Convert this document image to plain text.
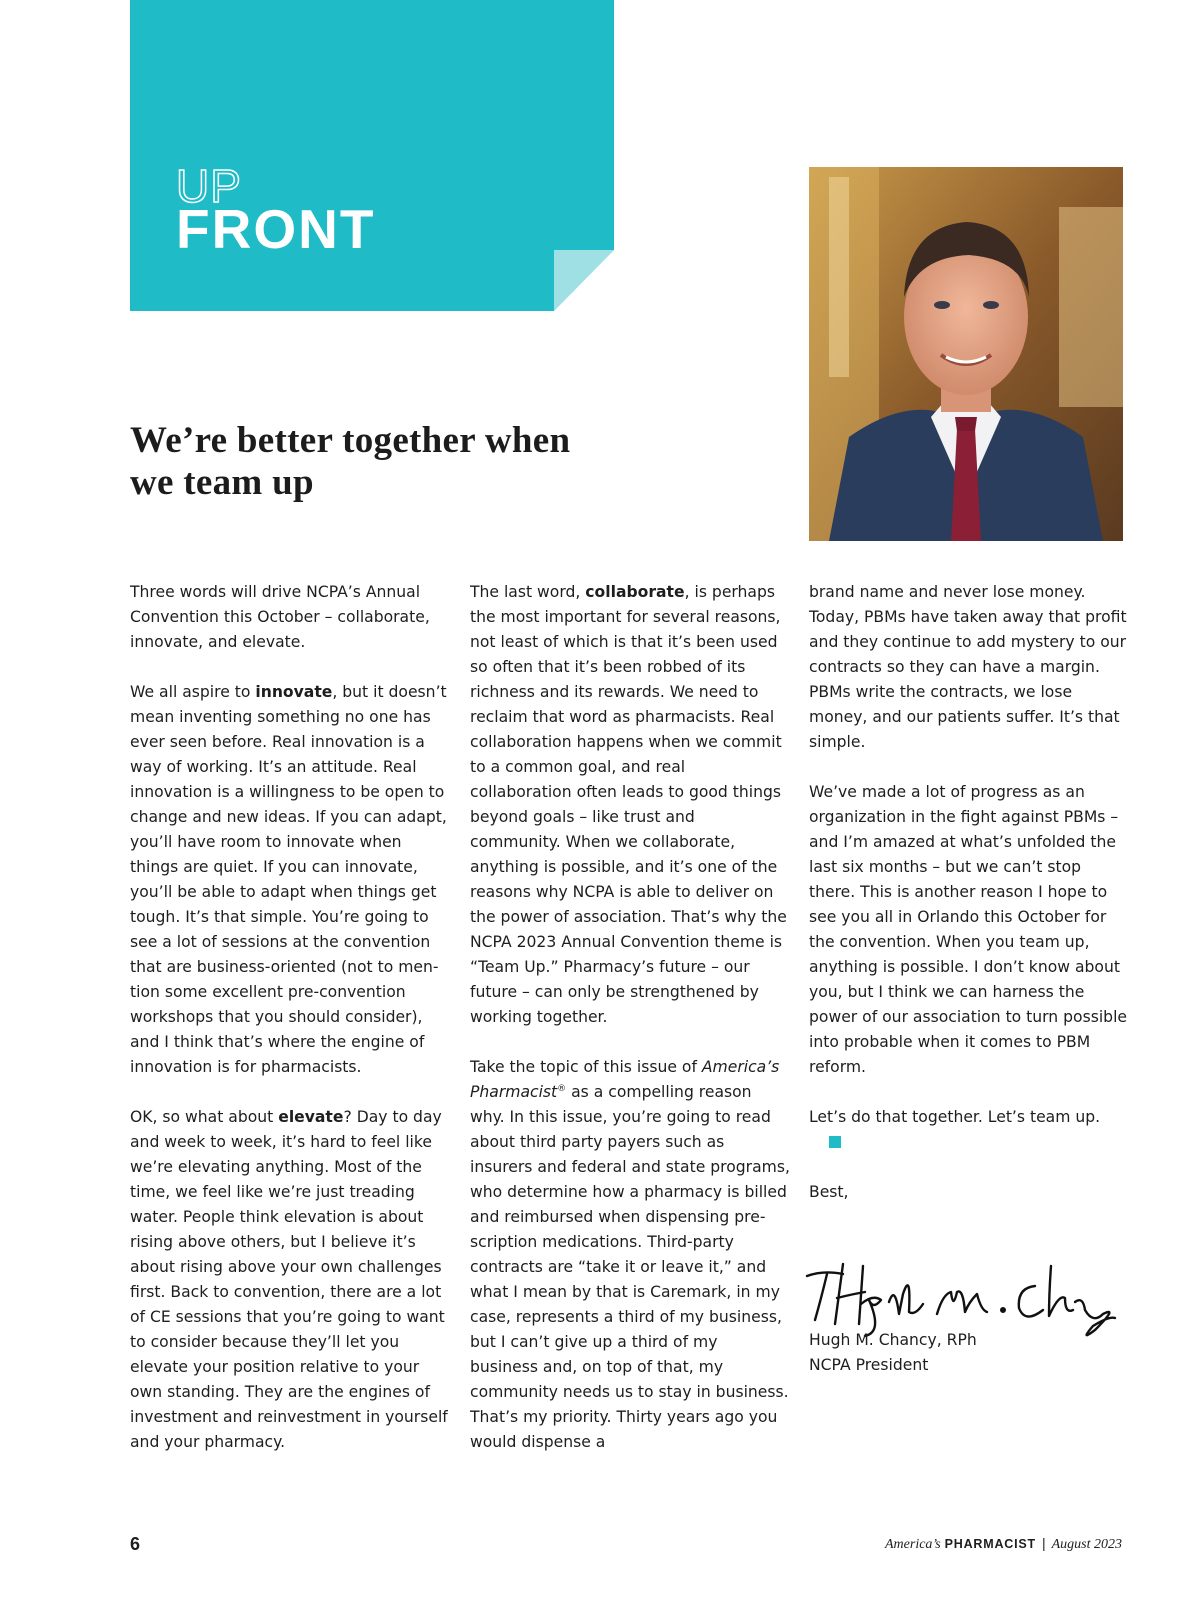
UP
FRONT
We’re better together when we team up

Three words will drive NCPA’s Annual Convention this October – collaborate, innovate, and elevate.

We all aspire to innovate, but it doesn’t mean inventing something no one has ever seen before. Real innovation is a way of working. It’s an attitude. Real innovation is a willingness to be open to change and new ideas. If you can adapt, you’ll have room to innovate when things are quiet. If you can innovate, you’ll be able to adapt when things get tough. It’s that simple. You’re going to see a lot of sessions at the convention that are business-oriented (not to mention some excellent pre-convention workshops that you should consider), and I think that’s where the engine of innovation is for pharmacists.

OK, so what about elevate? Day to day and week to week, it’s hard to feel like we’re elevating anything. Most of the time, we feel like we’re just treading water. People think elevation is about rising above others, but I believe it’s about rising above your own challenges first. Back to convention, there are a lot of CE sessions that you’re going to want to consider because they’ll let you elevate your position relative to your own standing. They are the engines of investment and reinvestment in yourself and your pharmacy.

The last word, collaborate, is perhaps the most important for several reasons, not least of which is that it’s been used so often that it’s been robbed of its richness and its rewards. We need to reclaim that word as pharmacists. Real collaboration happens when we commit to a common goal, and real collaboration often leads to good things beyond goals – like trust and community. When we collaborate, anything is possible, and it’s one of the reasons why NCPA is able to deliver on the power of association. That’s why the NCPA 2023 Annual Convention theme is “Team Up.” Pharmacy’s future – our future – can only be strengthened by working together.

Take the topic of this issue of America’s Pharmacist® as a compelling reason why. In this issue, you’re going to read about third party payers such as insurers and federal and state programs, who determine how a pharmacy is billed and reimbursed when dispensing prescription medications. Third-party contracts are “take it or leave it,” and what I mean by that is Caremark, in my case, represents a third of my business, but I can’t give up a third of my business and, on top of that, my community needs us to stay in business. That’s my priority. Thirty years ago you would dispense a

brand name and never lose money. Today, PBMs have taken away that profit and they continue to add mystery to our contracts so they can have a margin. PBMs write the contracts, we lose money, and our patients suffer. It’s that simple.

We’ve made a lot of progress as an organization in the fight against PBMs – and I’m amazed at what’s unfolded the last six months – but we can’t stop there. This is another reason I hope to see you all in Orlando this October for the convention. When you team up, anything is possible. I don’t know about you, but I think we can harness the power of our association to turn possible into probable when it comes to PBM reform.

Let’s do that together. Let’s team up.

Best,

Hugh M. Chancy, RPh
NCPA President
6	America’s PHARMACIST | August 2023
